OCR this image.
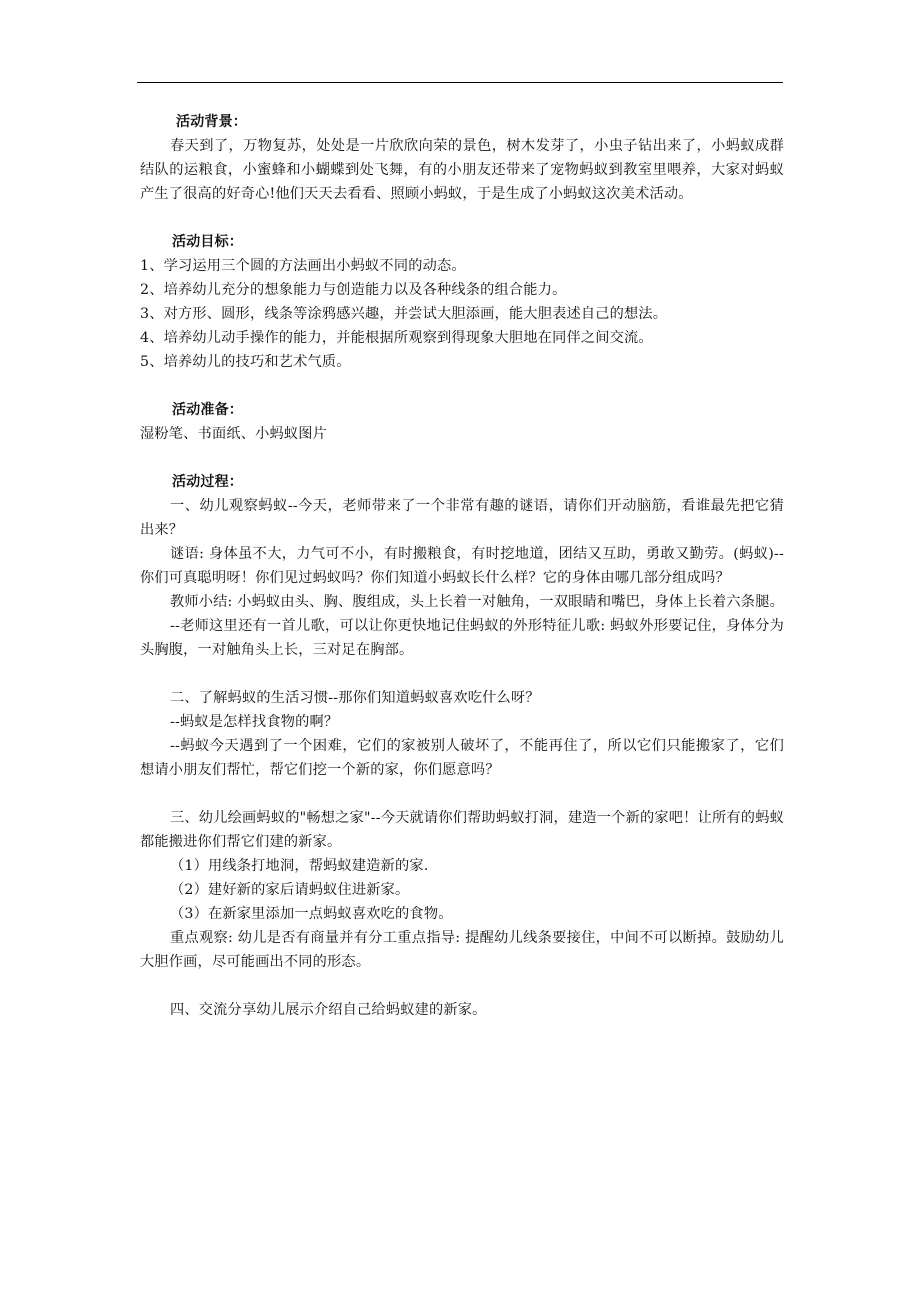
活动背景：

春天到了，万物复苏，处处是一片欣欣向荣的景色，树木发芽了，小虫子钻出来了，小蚂蚁成群结队的运粮食，小蜜蜂和小蝴蝶到处飞舞，有的小朋友还带来了宠物蚂蚁到教室里喂养，大家对蚂蚁产生了很高的好奇心!他们天天去看看、照顾小蚂蚁，于是生成了小蚂蚁这次美术活动。

活动目标：

1、学习运用三个圆的方法画出小蚂蚁不同的动态。

2、培养幼儿充分的想象能力与创造能力以及各种线条的组合能力。

3、对方形、圆形，线条等涂鸦感兴趣，并尝试大胆添画，能大胆表述自己的想法。

4、培养幼儿动手操作的能力，并能根据所观察到得现象大胆地在同伴之间交流。

5、培养幼儿的技巧和艺术气质。

活动准备：

湿粉笔、书面纸、小蚂蚁图片

活动过程：

一、幼儿观察蚂蚁--今天，老师带来了一个非常有趣的谜语，请你们开动脑筋，看谁最先把它猜出来？

谜语: 身体虽不大，力气可不小，有时搬粮食，有时挖地道，团结又互助，勇敢又勤劳。(蚂蚁)--你们可真聪明呀！你们见过蚂蚁吗？你们知道小蚂蚁长什么样？它的身体由哪几部分组成吗？

教师小结: 小蚂蚁由头、胸、腹组成，头上长着一对触角，一双眼睛和嘴巴，身体上长着六条腿。

--老师这里还有一首儿歌，可以让你更快地记住蚂蚁的外形特征儿歌: 蚂蚁外形要记住，身体分为头胸腹，一对触角头上长，三对足在胸部。

二、了解蚂蚁的生活习惯--那你们知道蚂蚁喜欢吃什么呀？

--蚂蚁是怎样找食物的啊？

--蚂蚁今天遇到了一个困难，它们的家被别人破坏了，不能再住了，所以它们只能搬家了，它们想请小朋友们帮忙，帮它们挖一个新的家，你们愿意吗？

三、幼儿绘画蚂蚁的"畅想之家"--今天就请你们帮助蚂蚁打洞，建造一个新的家吧！让所有的蚂蚁都能搬进你们帮它们建的新家。

（1）用线条打地洞，帮蚂蚁建造新的家.

（2）建好新的家后请蚂蚁住进新家。

（3）在新家里添加一点蚂蚁喜欢吃的食物。

重点观察: 幼儿是否有商量并有分工重点指导: 提醒幼儿线条要接住，中间不可以断掉。鼓励幼儿大胆作画，尽可能画出不同的形态。

四、交流分享幼儿展示介绍自己给蚂蚁建的新家。
